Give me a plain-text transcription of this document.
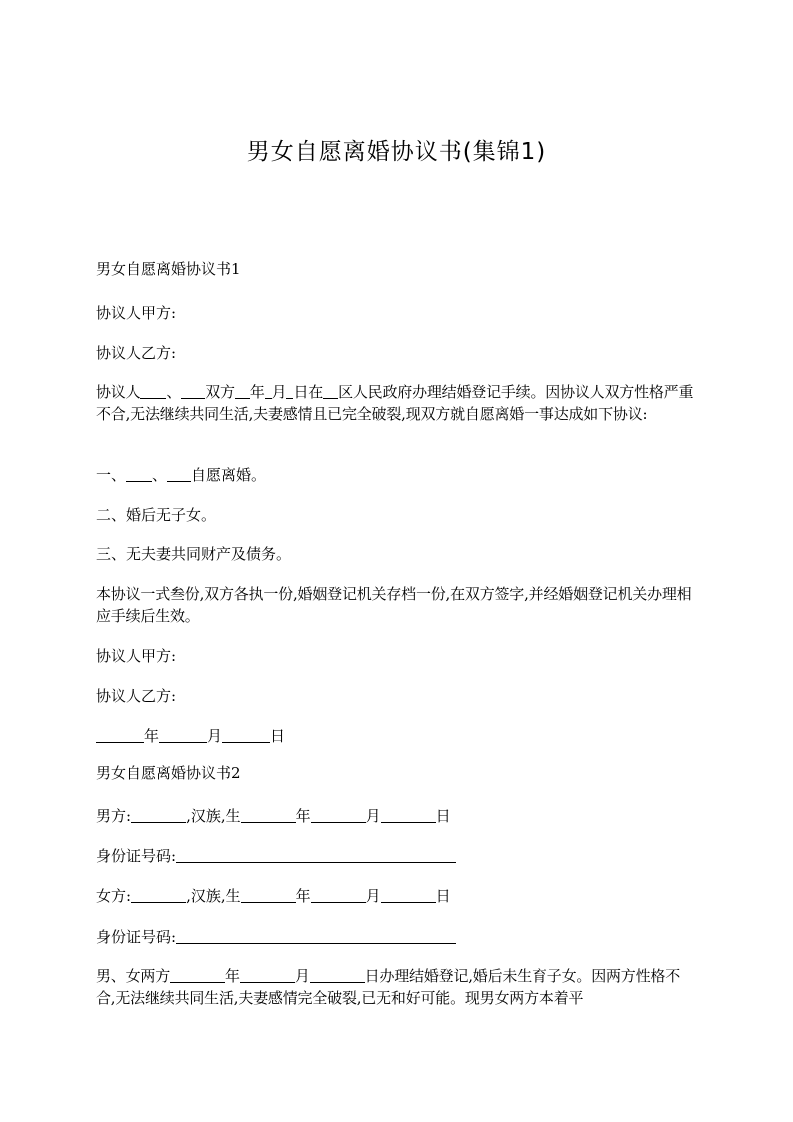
男女自愿离婚协议书(集锦1)

男女自愿离婚协议书1

协议人甲方:

协议人乙方:

协议人 、 双方 年 月 日在 区人民政府办理结婚登记手续。因协议人双方性格严重不合,无法继续共同生活,夫妻感情且已完全破裂,现双方就自愿离婚一事达成如下协议:

一、 、 自愿离婚。

二、婚后无子女。

三、无夫妻共同财产及债务。

本协议一式叁份,双方各执一份,婚姻登记机关存档一份,在双方签字,并经婚姻登记机关办理相应手续后生效。

协议人甲方:

协议人乙方:

年	月	日

男女自愿离婚协议书2

男方:	,汉族,生	年	月	日

身份证号码:

女方:	,汉族,生	年	月	日

身份证号码:

男、女两方	年	月	日办理结婚登记,婚后未生育子女。因两方性格不合,无法继续共同生活,夫妻感情完全破裂,已无和好可能。现男女两方本着平
